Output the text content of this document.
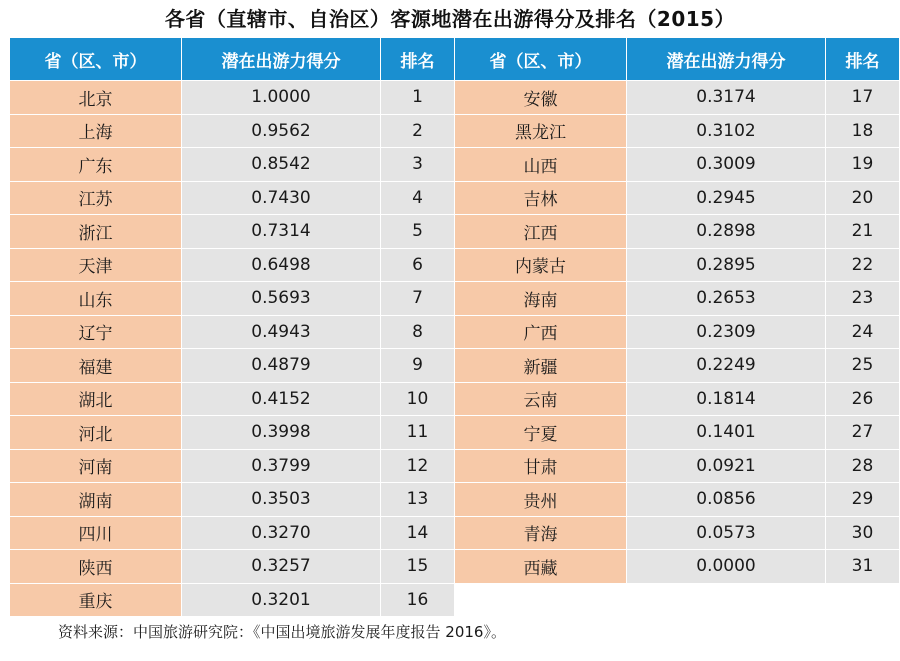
各省（直辖市、自治区）客源地潜在出游得分及排名（2015）
省（区、市）	潜在出游力得分	排名
北京	1.0000	1
上海	0.9562	2
广东	0.8542	3
江苏	0.7430	4
浙江	0.7314	5
天津	0.6498	6
山东	0.5693	7
辽宁	0.4943	8
福建	0.4879	9
湖北	0.4152	10
河北	0.3998	11
河南	0.3799	12
湖南	0.3503	13
四川	0.3270	14
陕西	0.3257	15
重庆	0.3201	16
省（区、市）	潜在出游力得分	排名
安徽	0.3174	17
黑龙江	0.3102	18
山西	0.3009	19
吉林	0.2945	20
江西	0.2898	21
内蒙古	0.2895	22
海南	0.2653	23
广西	0.2309	24
新疆	0.2249	25
云南	0.1814	26
宁夏	0.1401	27
甘肃	0.0921	28
贵州	0.0856	29
青海	0.0573	30
西藏	0.0000	31
资料来源：中国旅游研究院：《中国出境旅游发展年度报告 2016》。
